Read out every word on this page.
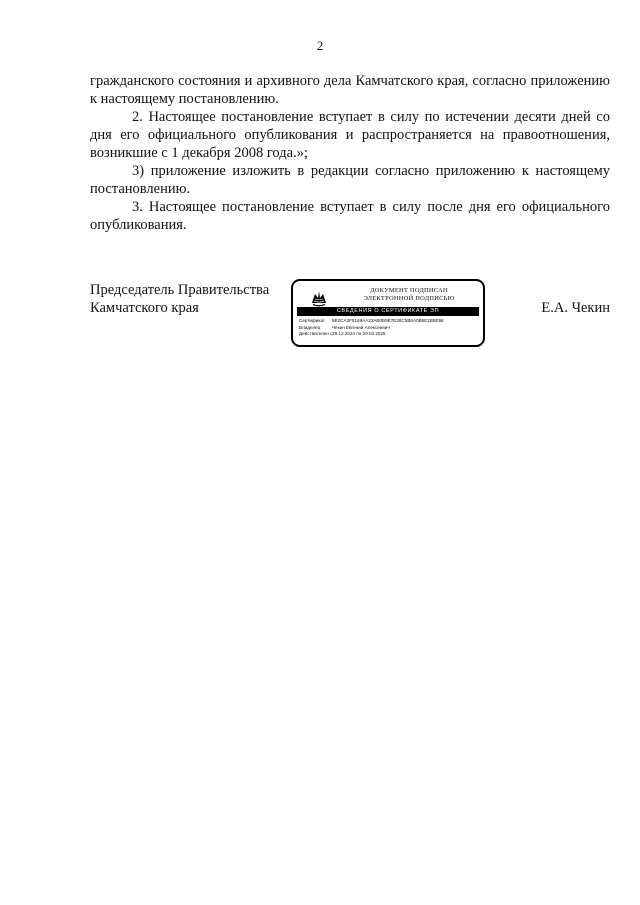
2

гражданского состояния и архивного дела Камчатского края, согласно приложению к настоящему постановлению.

2. Настоящее постановление вступает в силу по истечении десяти дней со дня его официального опубликования и распространяется на правоотношения, возникшие с 1 декабря 2008 года.»;

3) приложение изложить в редакции согласно приложению к настоящему постановлению.

3. Настоящее постановление вступает в силу после дня его официального опубликования.

Председатель Правительства
Камчатского края
ДОКУМЕНТ ПОДПИСАН
ЭЛЕКТРОННОЙ ПОДПИСЬЮ
СВЕДЕНИЯ О СЕРТИФИКАТЕ ЭП
Сертификат	5E2CA3F5169AA23AB0B9E7E28C5B6A0B6E2B5E98
Владелец	Чекин Евгений Алексеевич
Действителен с 29.12.2024 по 29.03.2025
Е.А. Чекин
